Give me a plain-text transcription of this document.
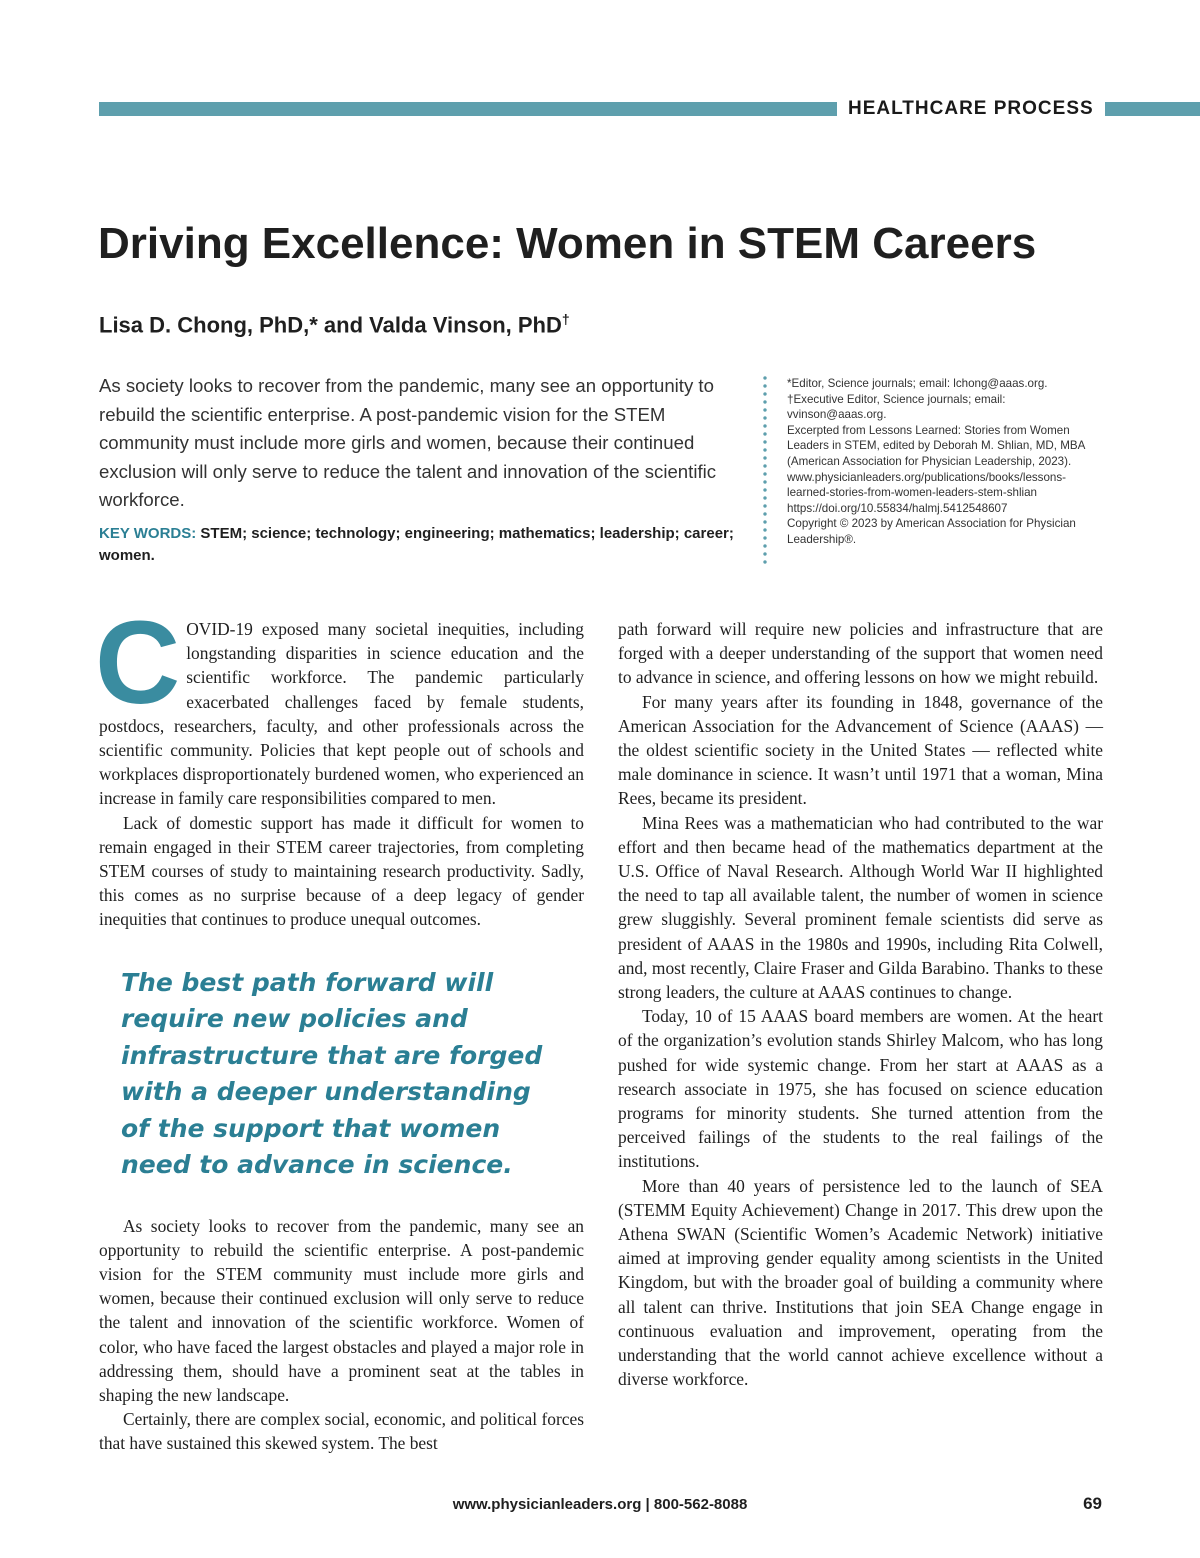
HEALTHCARE PROCESS
Driving Excellence: Women in STEM Careers
Lisa D. Chong, PhD,* and Valda Vinson, PhD†

As society looks to recover from the pandemic, many see an opportunity to rebuild the scientific enterprise. A post-pandemic vision for the STEM community must include more girls and women, because their continued exclusion will only serve to reduce the talent and innovation of the scientific workforce.

KEY WORDS: STEM; science; technology; engineering; mathematics; leadership; career; women.

*Editor, Science journals; email: lchong@aaas.org.
†Executive Editor, Science journals; email: vvinson@aaas.org.
Excerpted from Lessons Learned: Stories from Women Leaders in STEM, edited by Deborah M. Shlian, MD, MBA (American Association for Physician Leadership, 2023). www.physicianleaders.org/publications/books/lessons-learned-stories-from-women-leaders-stem-shlian
https://doi.org/10.55834/halmj.5412548607
Copyright © 2023 by American Association for Physician Leadership®.

COVID-19 exposed many societal inequities, including longstanding disparities in science education and the scientific workforce. The pandemic particularly exacerbated challenges faced by female students, postdocs, researchers, faculty, and other professionals across the scientific community. Policies that kept people out of schools and workplaces disproportionately burdened women, who experienced an increase in family care responsibilities compared to men.

Lack of domestic support has made it difficult for women to remain engaged in their STEM career trajectories, from completing STEM courses of study to maintaining research productivity. Sadly, this comes as no surprise because of a deep legacy of gender inequities that continues to produce unequal outcomes.

The best path forward will require new policies and infrastructure that are forged with a deeper understanding of the support that women need to advance in science.

As society looks to recover from the pandemic, many see an opportunity to rebuild the scientific enterprise. A post-pandemic vision for the STEM community must include more girls and women, because their continued exclusion will only serve to reduce the talent and innovation of the scientific workforce. Women of color, who have faced the largest obstacles and played a major role in addressing them, should have a prominent seat at the tables in shaping the new landscape.

Certainly, there are complex social, economic, and political forces that have sustained this skewed system. The best

path forward will require new policies and infrastructure that are forged with a deeper understanding of the support that women need to advance in science, and offering lessons on how we might rebuild.

For many years after its founding in 1848, governance of the American Association for the Advancement of Science (AAAS) — the oldest scientific society in the United States — reflected white male dominance in science. It wasn’t until 1971 that a woman, Mina Rees, became its president.

Mina Rees was a mathematician who had contributed to the war effort and then became head of the mathematics department at the U.S. Office of Naval Research. Although World War II highlighted the need to tap all available talent, the number of women in science grew sluggishly. Several prominent female scientists did serve as president of AAAS in the 1980s and 1990s, including Rita Colwell, and, most recently, Claire Fraser and Gilda Barabino. Thanks to these strong leaders, the culture at AAAS continues to change.

Today, 10 of 15 AAAS board members are women. At the heart of the organization’s evolution stands Shirley Malcom, who has long pushed for wide systemic change. From her start at AAAS as a research associate in 1975, she has focused on science education programs for minority students. She turned attention from the perceived failings of the students to the real failings of the institutions.

More than 40 years of persistence led to the launch of SEA (STEMM Equity Achievement) Change in 2017. This drew upon the Athena SWAN (Scientific Women’s Academic Network) initiative aimed at improving gender equality among scientists in the United Kingdom, but with the broader goal of building a community where all talent can thrive. Institutions that join SEA Change engage in continuous evaluation and improvement, operating from the understanding that the world cannot achieve excellence without a diverse workforce.

www.physicianleaders.org | 800-562-8088	69
